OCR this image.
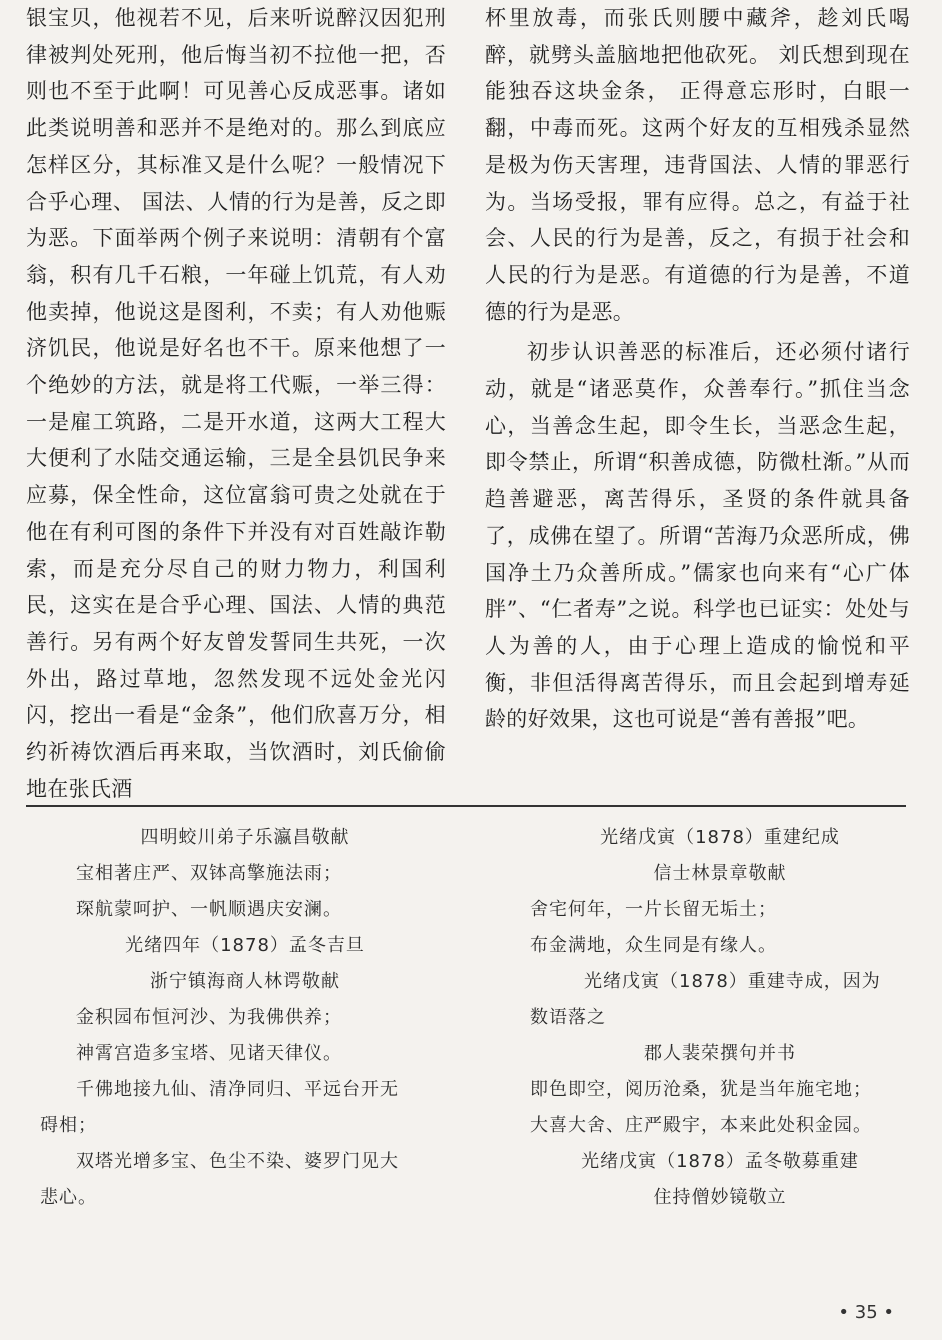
银宝贝，他视若不见，后来听说醉汉因犯刑律被判处死刑，他后悔当初不拉他一把，否则也不至于此啊！可见善心反成恶事。诸如此类说明善和恶并不是绝对的。那么到底应怎样区分，其标准又是什么呢？一般情况下合乎心理、 国法、人情的行为是善，反之即为恶。下面举两个例子来说明：清朝有个富翁，积有几千石粮，一年碰上饥荒，有人劝他卖掉，他说这是图利，不卖；有人劝他赈济饥民，他说是好名也不干。原来他想了一个绝妙的方法，就是将工代赈，一举三得：一是雇工筑路，二是开水道，这两大工程大大便利了水陆交通运输，三是全县饥民争来应募，保全性命，这位富翁可贵之处就在于他在有利可图的条件下并没有对百姓敲诈勒索，而是充分尽自己的财力物力，利国利民，这实在是合乎心理、国法、人情的典范善行。另有两个好友曾发誓同生共死，一次外出，路过草地，忽然发现不远处金光闪闪，挖出一看是“金条”，他们欣喜万分，相约祈祷饮酒后再来取，当饮酒时，刘氏偷偷地在张氏酒

杯里放毒，而张氏则腰中藏斧，趁刘氏喝醉，就劈头盖脑地把他砍死。 刘氏想到现在能独吞这块金条， 正得意忘形时，白眼一翻，中毒而死。这两个好友的互相残杀显然是极为伤天害理，违背国法、人情的罪恶行为。当场受报，罪有应得。总之，有益于社会、人民的行为是善，反之，有损于社会和人民的行为是恶。有道德的行为是善，不道德的行为是恶。

初步认识善恶的标准后，还必须付诸行动，就是“诸恶莫作，众善奉行。”抓住当念心，当善念生起，即令生长，当恶念生起，即令禁止，所谓“积善成德，防微杜渐。”从而趋善避恶，离苦得乐，圣贤的条件就具备了，成佛在望了。所谓“苦海乃众恶所成，佛国净土乃众善所成。”儒家也向来有“心广体胖”、“仁者寿”之说。科学也已证实：处处与人为善的人，由于心理上造成的愉悦和平衡，非但活得离苦得乐，而且会起到增寿延龄的好效果，这也可说是“善有善报”吧。

四明蛟川弟子乐瀛昌敬献
宝相著庄严、双钵高擎施法雨；
琛航蒙呵护、一帆顺遇庆安澜。
光绪四年（1878）孟冬吉旦
浙宁镇海商人林谔敬献
金积园布恒河沙、为我佛供养；
神霄宫造多宝塔、见诸天律仪。
千佛地接九仙、清净同归、平远台开无
碍相；
双塔光增多宝、色尘不染、婆罗门见大
悲心。
光绪戊寅（1878）重建纪成
信士林景章敬献
舍宅何年，一片长留无垢土；
布金满地，众生同是有缘人。
光绪戊寅（1878）重建寺成，因为
数语落之
郡人裴荣撰句并书
即色即空，阅历沧桑，犹是当年施宅地；
大喜大舍、庄严殿宇，本来此处积金园。
光绪戊寅（1878）孟冬敬募重建
住持僧妙镜敬立
• 35 •
